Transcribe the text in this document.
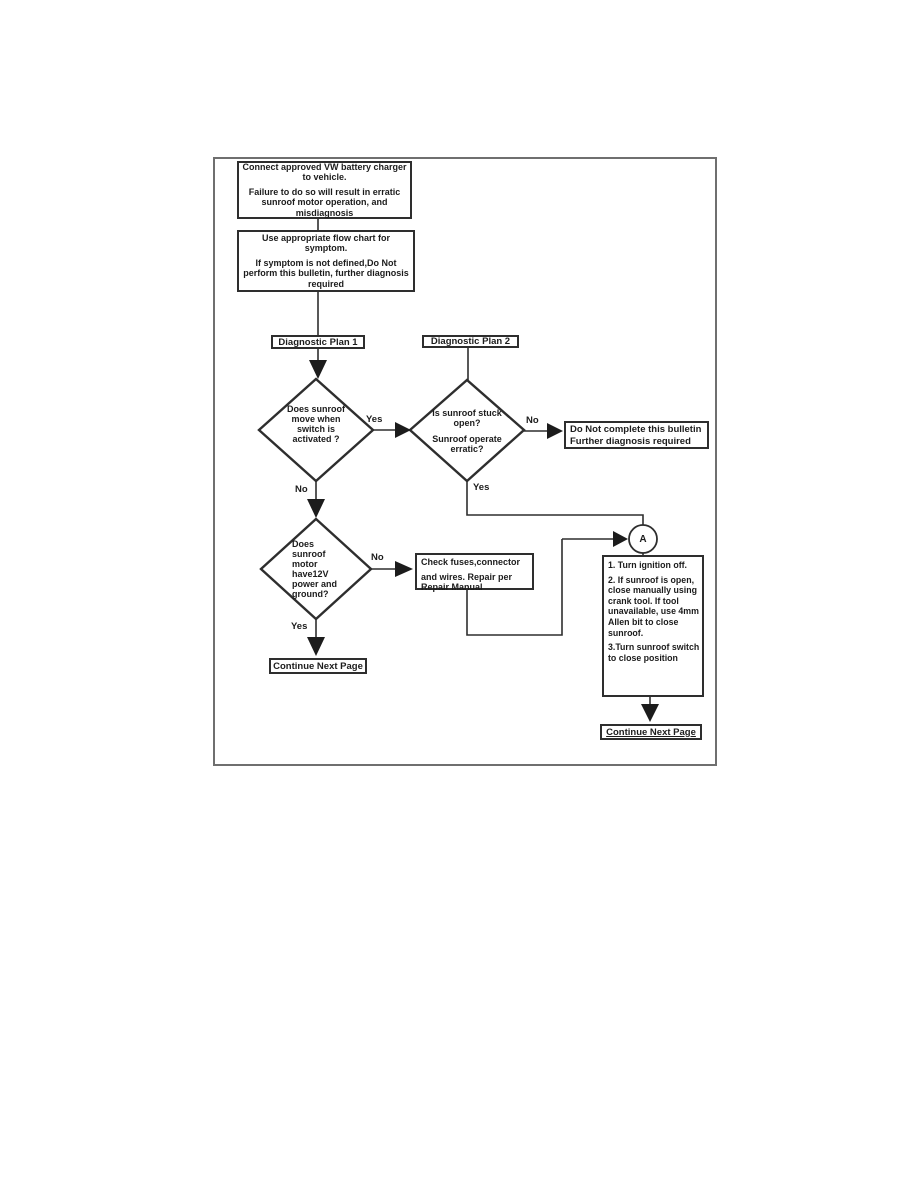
Connect approved VW battery charger to vehicle.

Failure to do so will result in erratic sunroof motor operation, and misdiagnosis

Use appropriate flow chart for symptom.

If symptom is not defined,Do Not perform this bulletin, further diagnosis required

Diagnostic Plan 1	Diagnostic Plan 2
Does sunroof move when switch is activated ?

Is sunroof stuck open?

Sunroof operate erratic?

Does sunroof motor have12V power and ground?
Yes
No
No
Yes
No
Yes
Do Not complete this bulletin
Further diagnosis required

Check fuses,connector

and wires. Repair per Repair Manual

A

1. Turn ignition off.

2. If sunroof is open, close manually using crank tool. If tool unavailable, use 4mm Allen bit to close sunroof.

3.Turn sunroof switch to close position

Continue Next Page
Continue Next Page
